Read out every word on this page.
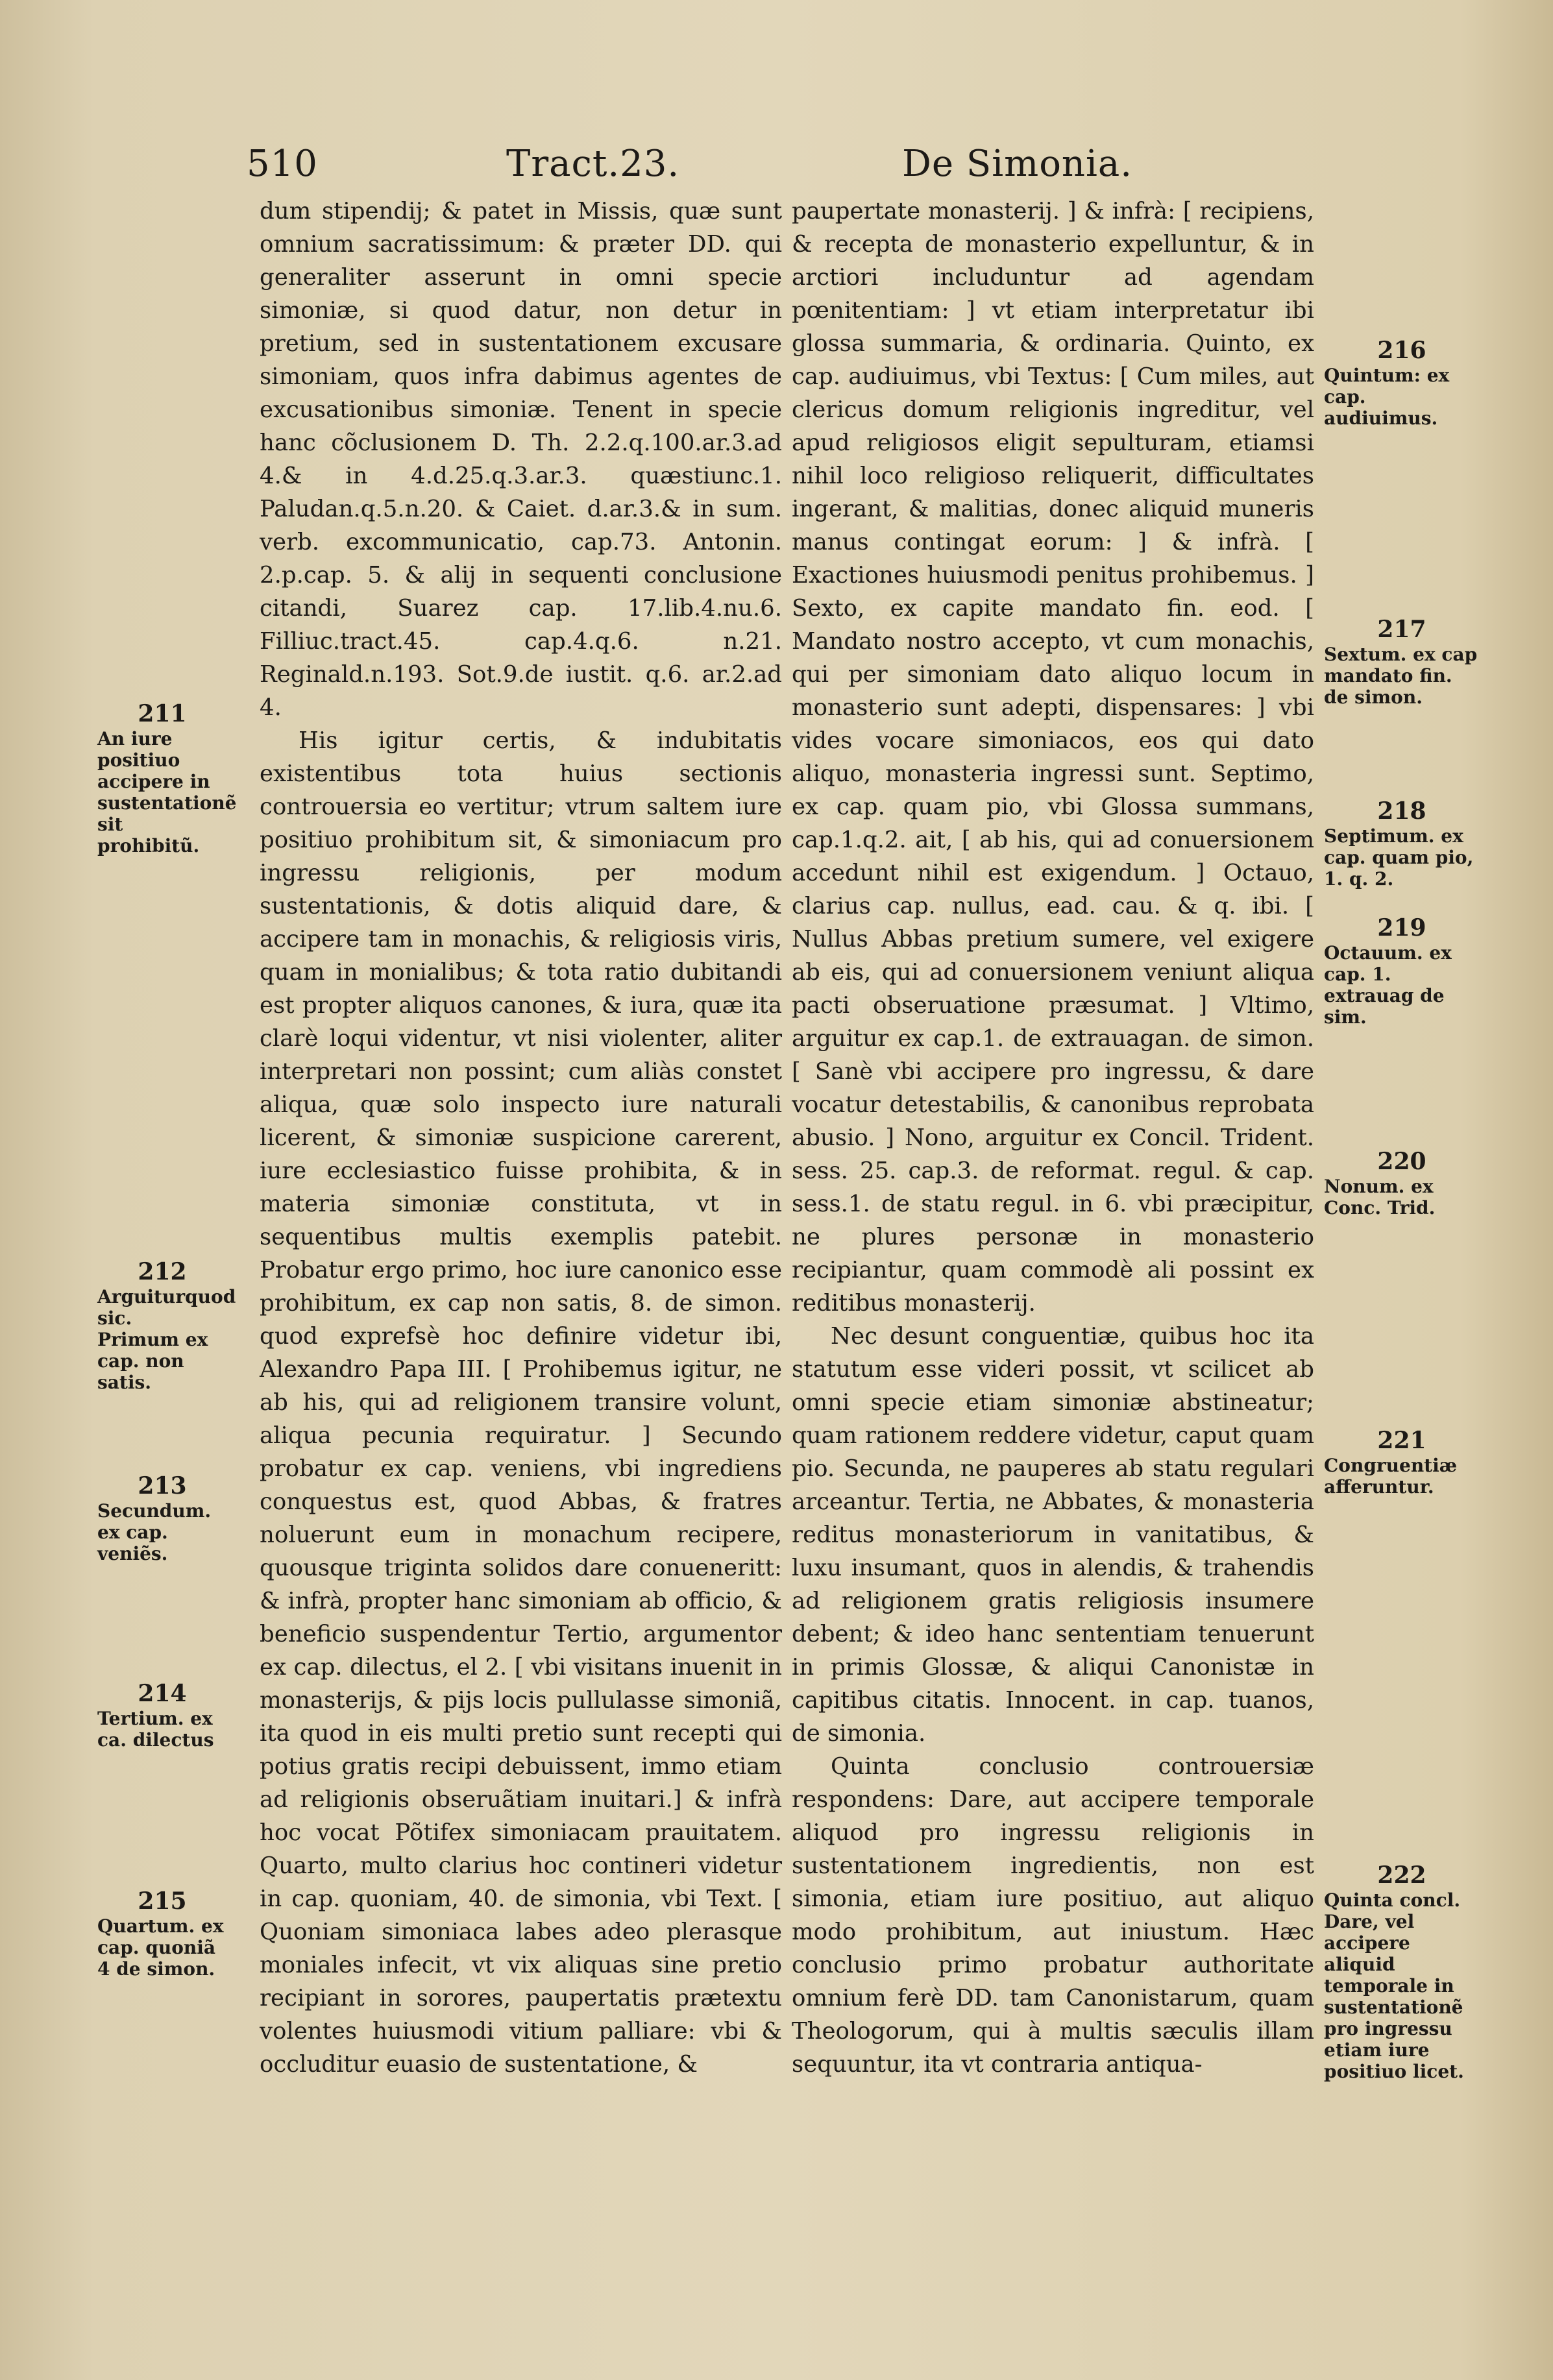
510	Tract.23.	De Simonia.

dum stipendij; & patet in Missis, quæ sunt omnium sacratissimum: & præter DD. qui generaliter asserunt in omni specie simoniæ, si quod datur, non detur in pretium, sed in sustentationem excusare simoniam, quos infra dabimus agentes de excusationibus simoniæ. Tenent in specie hanc cõclusionem D. Th. 2.2.q.100.ar.3.ad 4.& in 4.d.25.q.3.ar.3. quæstiunc.1. Paludan.q.5.n.20. & Caiet. d.ar.3.& in sum. verb. excommunicatio, cap.73. Antonin. 2.p.cap. 5. & alij in sequenti conclusione citandi, Suarez cap. 17.lib.4.nu.6. Filliuc.tract.45. cap.4.q.6. n.21. Reginald.n.193. Sot.9.de iustit. q.6. ar.2.ad 4.

His igitur certis, & indubitatis existentibus tota huius sectionis controuersia eo vertitur; vtrum saltem iure positiuo prohibitum sit, & simoniacum pro ingressu religionis, per modum sustentationis, & dotis aliquid dare, & accipere tam in monachis, & religiosis viris, quam in monialibus; & tota ratio dubitandi est propter aliquos canones, & iura, quæ ita clarè loqui videntur, vt nisi violenter, aliter interpretari non possint; cum aliàs constet aliqua, quæ solo inspecto iure naturali licerent, & simoniæ suspicione carerent, iure ecclesiastico fuisse prohibita, & in materia simoniæ constituta, vt in sequentibus multis exemplis patebit. Probatur ergo primo, hoc iure canonico esse prohibitum, ex cap non satis, 8. de simon. quod exprefsè hoc definire videtur ibi, Alexandro Papa III. [ Prohibemus igitur, ne ab his, qui ad religionem transire volunt, aliqua pecunia requiratur. ] Secundo probatur ex cap. veniens, vbi ingrediens conquestus est, quod Abbas, & fratres noluerunt eum in monachum recipere, quousque triginta solidos dare conueneritt: & infrà, propter hanc simoniam ab officio, & beneficio suspendentur Tertio, argumentor ex cap. dilectus, el 2. [ vbi visitans inuenit in monasterijs, & pijs locis pullulasse simoniã, ita quod in eis multi pretio sunt recepti qui potius gratis recipi debuissent, immo etiam ad religionis obseruãtiam inuitari.] & infrà hoc vocat Põtifex simoniacam prauitatem. Quarto, multo clarius hoc contineri videtur in cap. quoniam, 40. de simonia, vbi Text. [ Quoniam simoniaca labes adeo plerasque moniales infecit, vt vix aliquas sine pretio recipiant in sorores, paupertatis prætextu volentes huiusmodi vitium palliare: vbi & occluditur euasio de sustentatione, &

paupertate monasterij. ] & infrà: [ recipiens, & recepta de monasterio expelluntur, & in arctiori includuntur ad agendam pœnitentiam: ] vt etiam interpretatur ibi glossa summaria, & ordinaria. Quinto, ex cap. audiuimus, vbi Textus: [ Cum miles, aut clericus domum religionis ingreditur, vel apud religiosos eligit sepulturam, etiamsi nihil loco religioso reliquerit, difficultates ingerant, & malitias, donec aliquid muneris manus contingat eorum: ] & infrà. [ Exactiones huiusmodi penitus prohibemus. ] Sexto, ex capite mandato fin. eod. [ Mandato nostro accepto, vt cum monachis, qui per simoniam dato aliquo locum in monasterio sunt adepti, dispensares: ] vbi vides vocare simoniacos, eos qui dato aliquo, monasteria ingressi sunt. Septimo, ex cap. quam pio, vbi Glossa summans, cap.1.q.2. ait, [ ab his, qui ad conuersionem accedunt nihil est exigendum. ] Octauo, clarius cap. nullus, ead. cau. & q. ibi. [ Nullus Abbas pretium sumere, vel exigere ab eis, qui ad conuersionem veniunt aliqua pacti obseruatione præsumat. ] Vltimo, arguitur ex cap.1. de extrauagan. de simon. [ Sanè vbi accipere pro ingressu, & dare vocatur detestabilis, & canonibus reprobata abusio. ] Nono, arguitur ex Concil. Trident. sess. 25. cap.3. de reformat. regul. & cap. sess.1. de statu regul. in 6. vbi præcipitur, ne plures personæ in monasterio recipiantur, quam commodè ali possint ex reditibus monasterij.

Nec desunt conguentiæ, quibus hoc ita statutum esse videri possit, vt scilicet ab omni specie etiam simoniæ abstineatur; quam rationem reddere videtur, caput quam pio. Secunda, ne pauperes ab statu regulari arceantur. Tertia, ne Abbates, & monasteria reditus monasteriorum in vanitatibus, & luxu insumant, quos in alendis, & trahendis ad religionem gratis religiosis insumere debent; & ideo hanc sententiam tenuerunt in primis Glossæ, & aliqui Canonistæ in capitibus citatis. Innocent. in cap. tuanos, de simonia.

Quinta conclusio controuersiæ respondens: Dare, aut accipere temporale aliquod pro ingressu religionis in sustentationem ingredientis, non est simonia, etiam iure positiuo, aut aliquo modo prohibitum, aut iniustum. Hæc conclusio primo probatur authoritate omnium ferè DD. tam Canonistarum, quam Theologorum, qui à multis sæculis illam sequuntur, ita vt contraria antiqua-

211
An iure positiuo accipere in sustentationẽ sit prohibitũ.
212
Arguiturquod sic.
Primum ex cap. non satis.
213
Secundum. ex cap. veniẽs.
214
Tertium. ex ca. dilectus
215
Quartum. ex cap. quoniã 4 de simon.
216
Quintum: ex cap. audiuimus.
217
Sextum. ex cap mandato fin. de simon.
218
Septimum. ex cap. quam pio, 1. q. 2.
219
Octauum. ex cap. 1. extrauag de sim.
220
Nonum. ex Conc. Trid.
221
Congruentiæ afferuntur.
222
Quinta concl. Dare, vel accipere aliquid temporale in sustentationẽ pro ingressu etiam iure positiuo licet.
